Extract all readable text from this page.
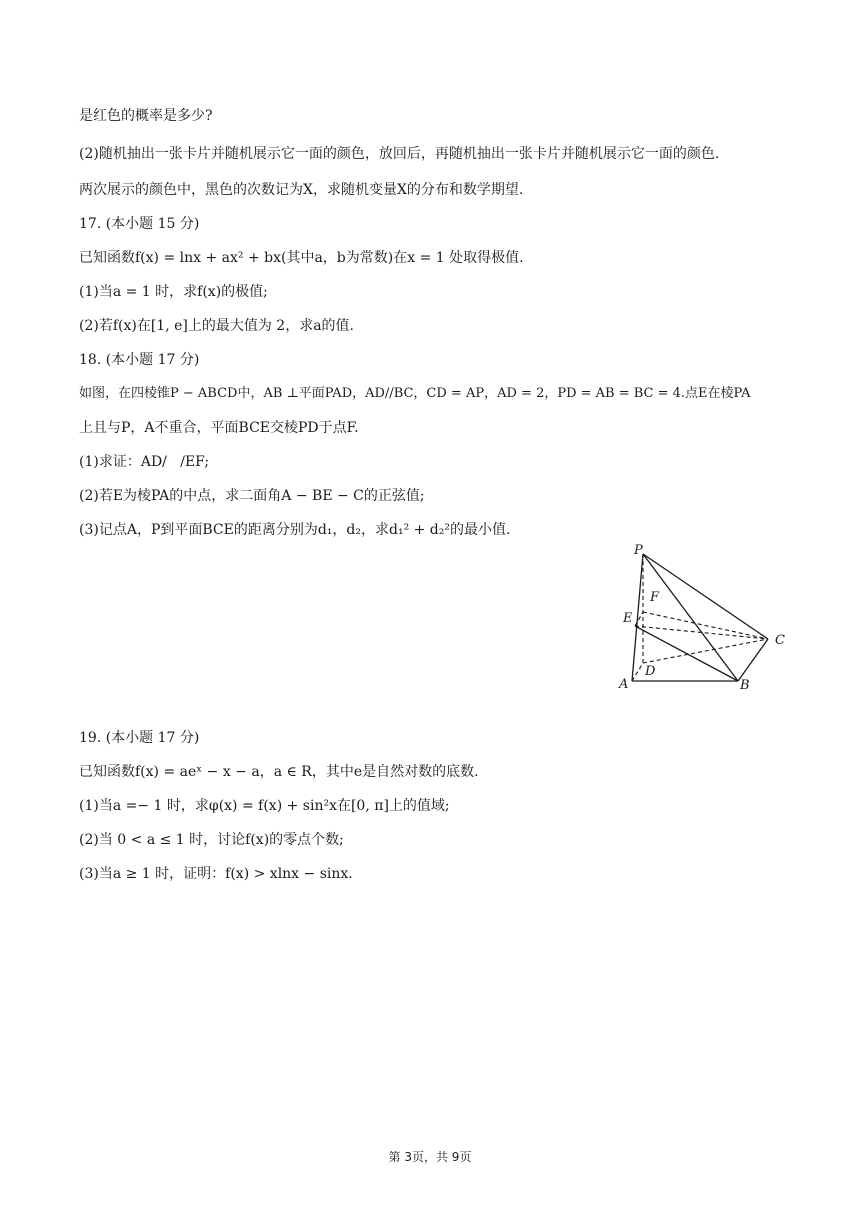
是红色的概率是多少?
(2)随机抽出一张卡片并随机展示它一面的颜色，放回后，再随机抽出一张卡片并随机展示它一面的颜色.
两次展示的颜色中，黑色的次数记为X，求随机变量X的分布和数学期望.
17. (本小题 15 分)
已知函数f(x) = lnx + ax² + bx(其中a，b为常数)在x = 1 处取得极值.
(1)当a = 1 时，求f(x)的极值;
(2)若f(x)在[1, e]上的最大值为 2，求a的值.
18. (本小题 17 分)
如图，在四棱锥P − ABCD中，AB ⊥平面PAD，AD//BC，CD = AP，AD = 2，PD = AB = BC = 4.点E在棱PA
上且与P，A不重合，平面BCE交棱PD于点F.
(1)求证：AD/   /EF;
(2)若E为棱PA的中点，求二面角A − BE − C的正弦值;
(3)记点A，P到平面BCE的距离分别为d₁，d₂，求d₁² + d₂²的最小值.
P
F
E
C
D
A	B
19. (本小题 17 分)
已知函数f(x) = aeˣ − x − a，a ∈ R，其中e是自然对数的底数.
(1)当a =− 1 时，求φ(x) = f(x) + sin²x在[0, π]上的值域;
(2)当 0 < a ≤ 1 时，讨论f(x)的零点个数;
(3)当a ≥ 1 时，证明：f(x) > xlnx − sinx.
第 3页，共 9页
